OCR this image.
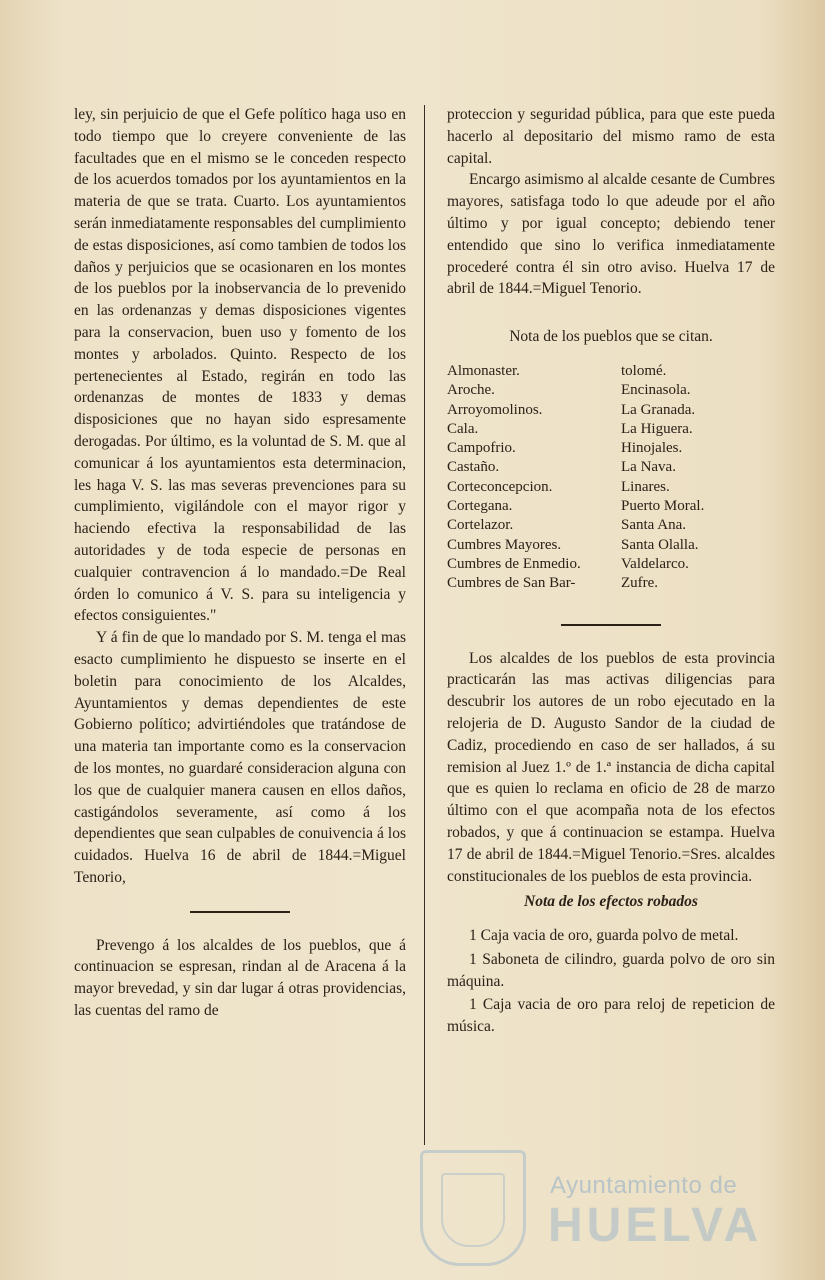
ley, sin perjuicio de que el Gefe político haga uso en todo tiempo que lo creyere conveniente de las facultades que en el mismo se le conceden respecto de los acuerdos tomados por los ayuntamientos en la materia de que se trata. Cuarto. Los ayuntamientos serán inmediatamente responsables del cumplimiento de estas disposiciones, así como tambien de todos los daños y perjuicios que se ocasionaren en los montes de los pueblos por la inobservancia de lo prevenido en las ordenanzas y demas disposiciones vigentes para la conservacion, buen uso y fomento de los montes y arbolados. Quinto. Respecto de los pertenecientes al Estado, regirán en todo las ordenanzas de montes de 1833 y demas disposiciones que no hayan sido espresamente derogadas. Por último, es la voluntad de S. M. que al comunicar á los ayuntamientos esta determinacion, les haga V. S. las mas severas prevenciones para su cumplimiento, vigilándole con el mayor rigor y haciendo efectiva la responsabilidad de las autoridades y de toda especie de personas en cualquier contravencion á lo mandado.=De Real órden lo comunico á V. S. para su inteligencia y efectos consiguientes."

Y á fin de que lo mandado por S. M. tenga el mas esacto cumplimiento he dispuesto se inserte en el boletin para conocimiento de los Alcaldes, Ayuntamientos y demas dependientes de este Gobierno político; advirtiéndoles que tratándose de una materia tan importante como es la conservacion de los montes, no guardaré consideracion alguna con los que de cualquier manera causen en ellos daños, castigándolos severamente, así como á los dependientes que sean culpables de conuivencia á los cuidados. Huelva 16 de abril de 1844.=Miguel Tenorio,

Prevengo á los alcaldes de los pueblos, que á continuacion se espresan, rindan al de Aracena á la mayor brevedad, y sin dar lugar á otras providencias, las cuentas del ramo de

proteccion y seguridad pública, para que este pueda hacerlo al depositario del mismo ramo de esta capital.

Encargo asimismo al alcalde cesante de Cumbres mayores, satisfaga todo lo que adeude por el año último y por igual concepto; debiendo tener entendido que sino lo verifica inmediatamente procederé contra él sin otro aviso. Huelva 17 de abril de 1844.=Miguel Tenorio.

Nota de los pueblos que se citan.

Almonaster.
Aroche.
Arroyomolinos.
Cala.
Campofrio.
Castaño.
Corteconcepcion.
Cortegana.
Cortelazor.
Cumbres Mayores.
Cumbres de Enmedio.
Cumbres de San Bar-
tolomé.
Encinasola.
La Granada.
La Higuera.
Hinojales.
La Nava.
Linares.
Puerto Moral.
Santa Ana.
Santa Olalla.
Valdelarco.
Zufre.

Los alcaldes de los pueblos de esta provincia practicarán las mas activas diligencias para descubrir los autores de un robo ejecutado en la relojeria de D. Augusto Sandor de la ciudad de Cadiz, procediendo en caso de ser hallados, á su remision al Juez 1.º de 1.ª instancia de dicha capital que es quien lo reclama en oficio de 28 de marzo último con el que acompaña nota de los efectos robados, y que á continuacion se estampa. Huelva 17 de abril de 1844.=Miguel Tenorio.=Sres. alcaldes constitucionales de los pueblos de esta provincia.

Nota de los efectos robados

1 Caja vacia de oro, guarda polvo de metal.

1 Saboneta de cilindro, guarda polvo de oro sin máquina.

1 Caja vacia de oro para reloj de repeticion de música.

Ayuntamiento de
HUELVA
